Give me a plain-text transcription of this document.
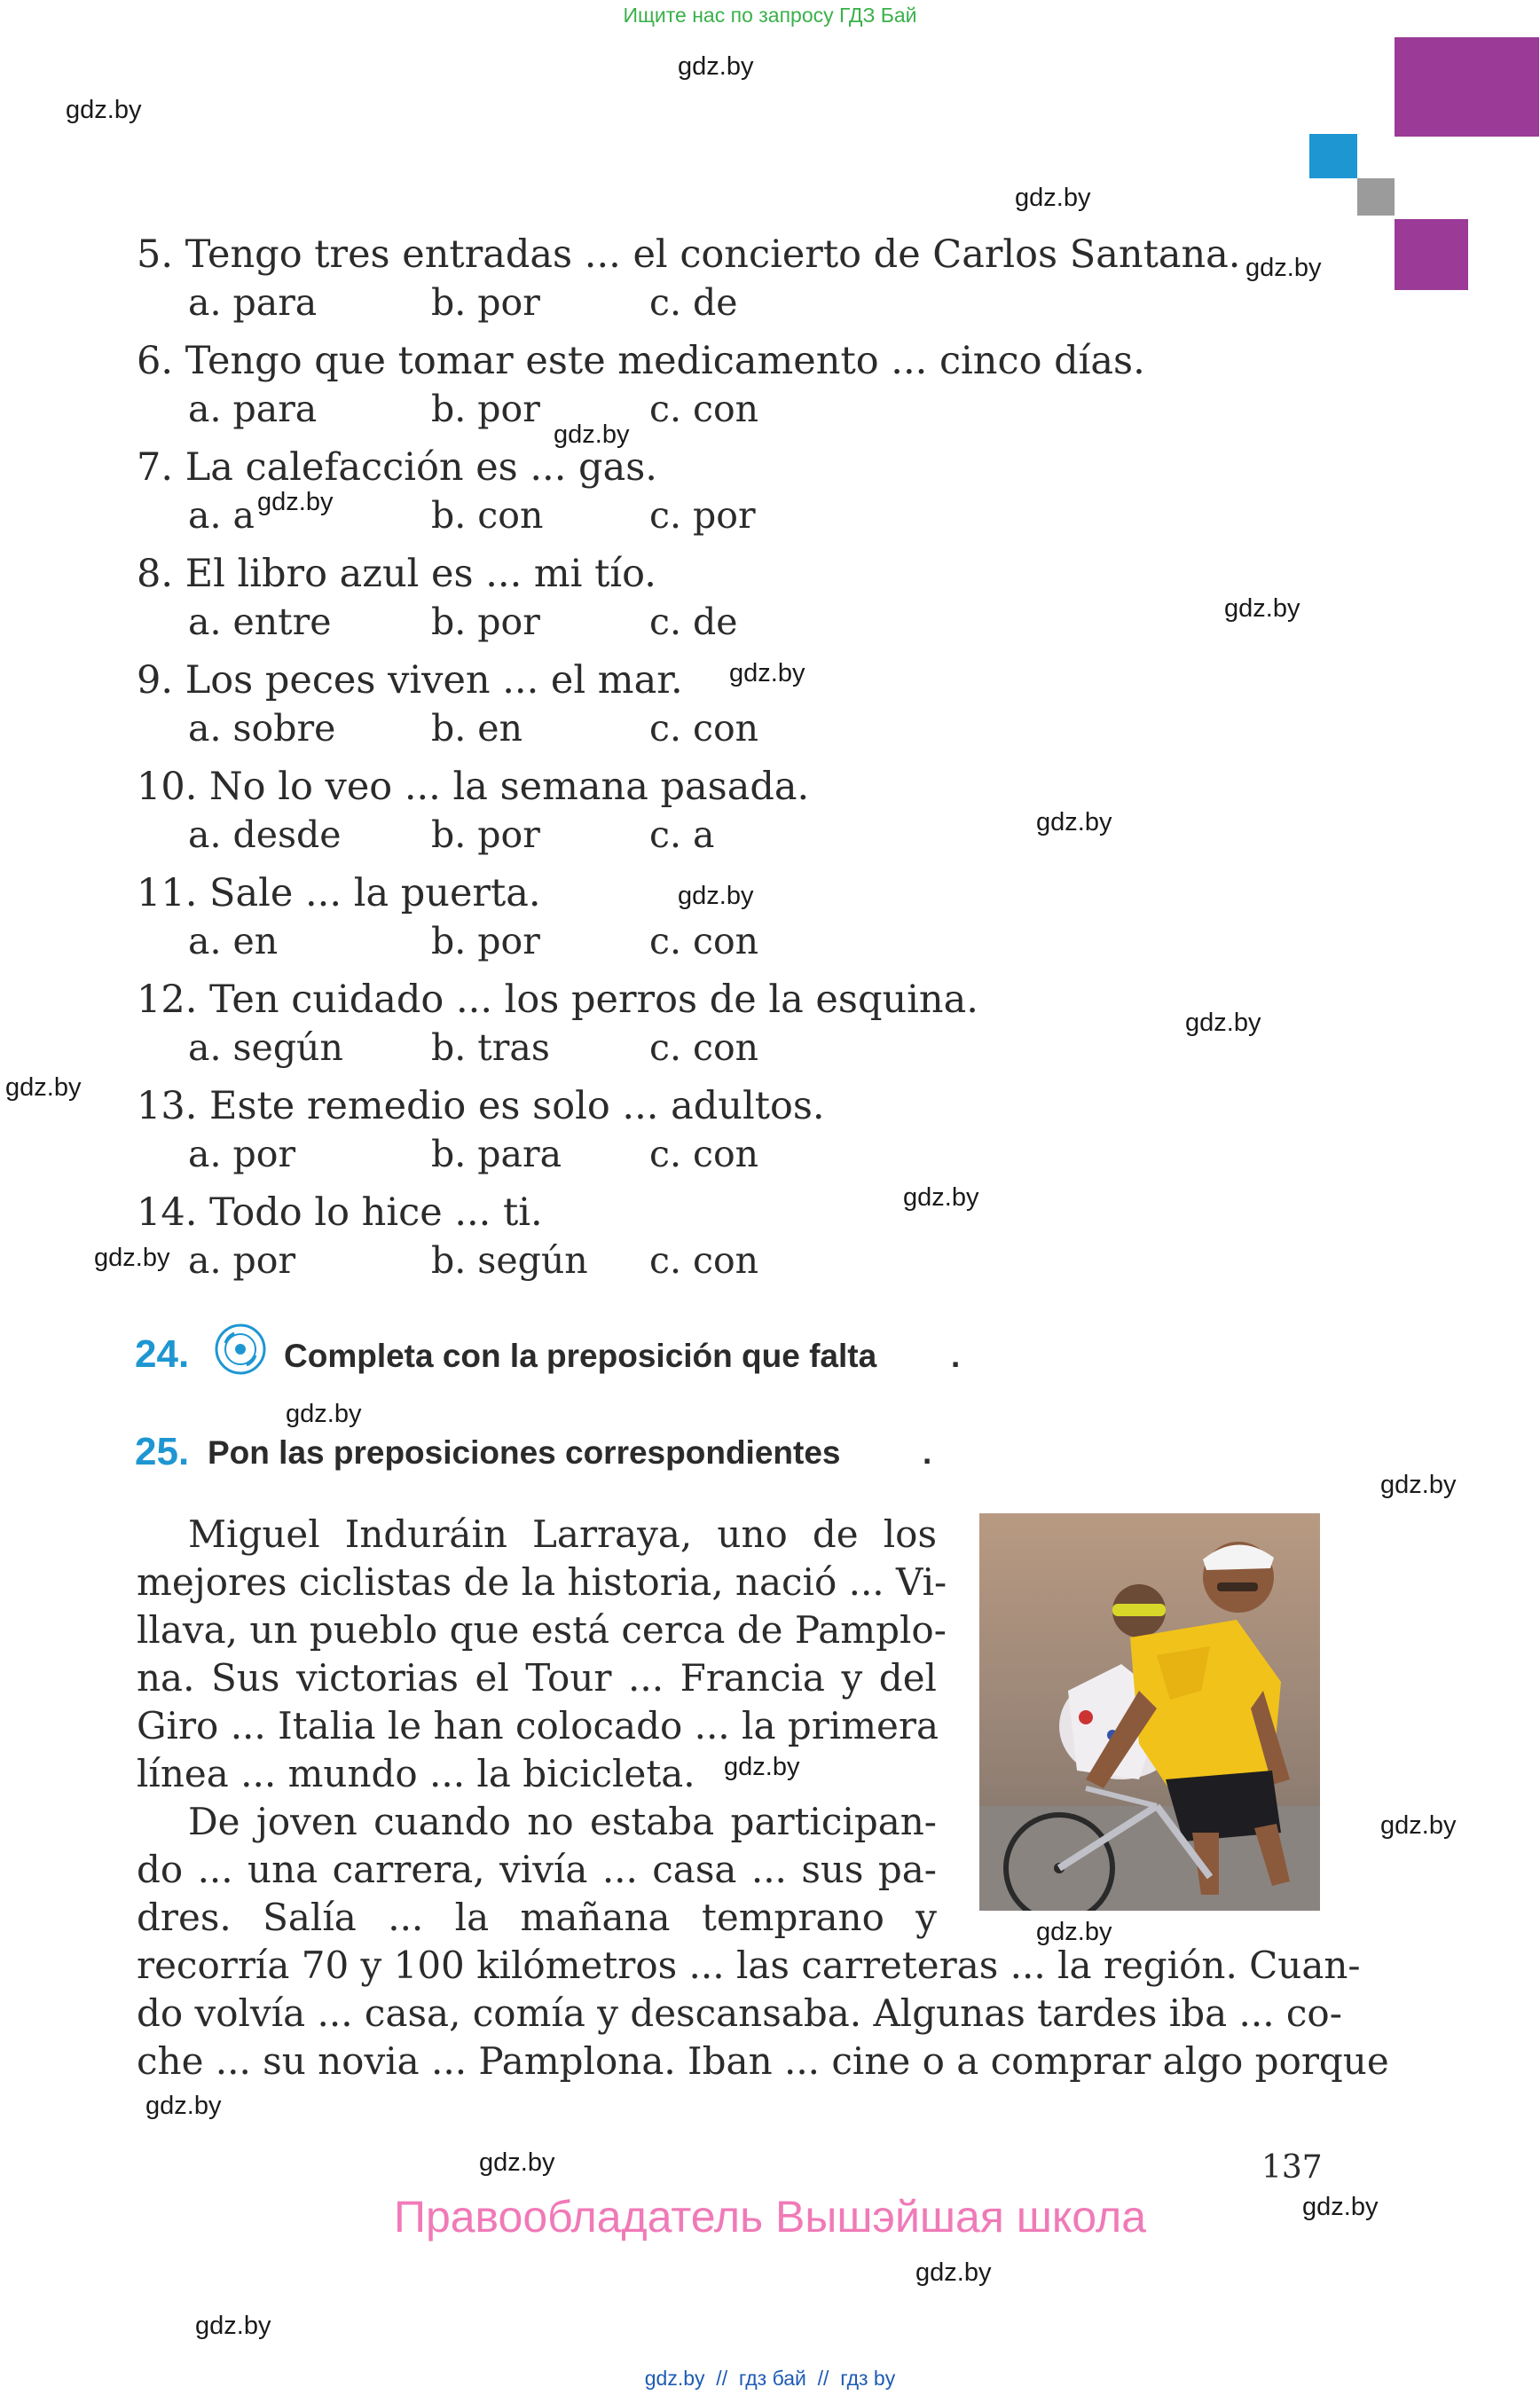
Ищите нас по запросу ГДЗ Бай
gdz.by
gdz.by
gdz.by
gdz.by
gdz.by
gdz.by
gdz.by
gdz.by
gdz.by
gdz.by
gdz.by
gdz.by
gdz.by
gdz.by
gdz.by
gdz.by
gdz.by
gdz.by
gdz.by
gdz.by
gdz.by
gdz.by
gdz.by
gdz.by
5. Tengo tres entradas ... el concierto de Carlos Santana.
a. para	b. por	c. de
6. Tengo que tomar este medicamento ... cinco días.
a. para	b. por	c. con
7. La calefacción es ... gas.
a. a	b. con	c. por
8. El libro azul es ... mi tío.
a. entre	b. por	c. de
9. Los peces viven ... el mar.
a. sobre	b. en	c. con
10. No lo veo ... la semana pasada.
a. desde b. por	c. a
11. Sale ... la puerta.
a. en	b. por	c. con
12. Ten cuidado ... los perros de la esquina.
a. según b. tras	c. con
13. Este remedio es solo ... adultos.
a. por	b. para c. con
14. Todo lo hice ... ti.
a. por	b. según c. con
24.	Completa con la preposición que falta .
25. Pon las preposiciones correspondientes	.
Miguel Induráin Larraya, uno de los
mejores ciclistas de la historia, nació ... Vi-
llava, un pueblo que está cerca de Pamplo-
na. Sus victorias el Tour ... Francia y del
Giro ... Italia le han colocado ... la primera
línea ... mundo ... la bicicleta.
De joven cuando no estaba participan-
do ... una carrera, vivía ... casa ... sus pa-
dres. Salía ... la mañana temprano y
recorría 70 y 100 kilómetros ... las carreteras ... la región. Cuan-
do volvía ... casa, comía y descansaba. Algunas tardes iba ... co-
che ... su novia ... Pamplona. Iban ... cine o a comprar algo porque
137
Правообладатель Вышэйшая школа
gdz.by  //  гдз бай  //  гдз by
